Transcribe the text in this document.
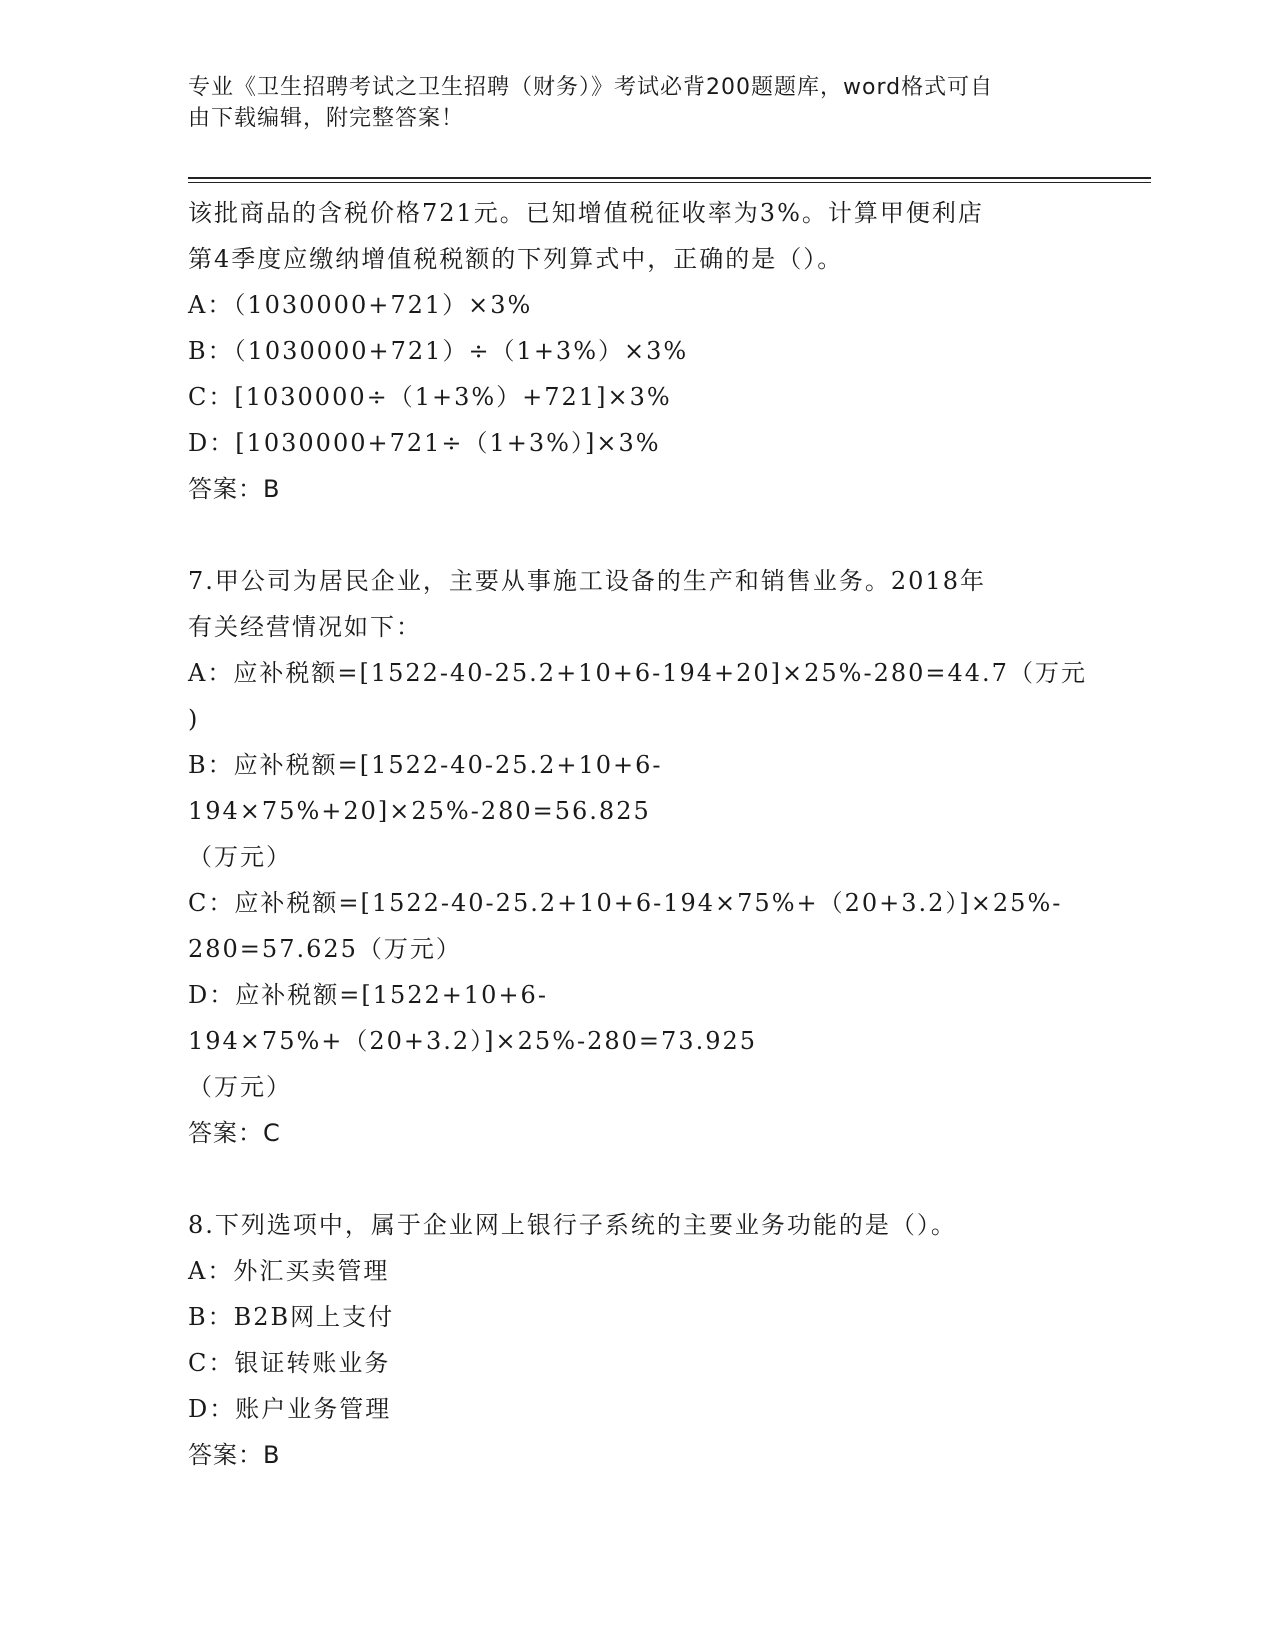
专业《卫生招聘考试之卫生招聘（财务）》考试必背200题题库，word格式可自
由下载编辑，附完整答案！

该批商品的含税价格721元。已知增值税征收率为3%。计算甲便利店

第4季度应缴纳增值税税额的下列算式中，正确的是（）。

A：（1030000+721）×3%

B：（1030000+721）÷（1+3%）×3%

C：[1030000÷（1+3%）+721]×3%

D：[1030000+721÷（1+3%）]×3%

答案：B

7.甲公司为居民企业，主要从事施工设备的生产和销售业务。2018年

有关经营情况如下：

A：应补税额=[1522-40-25.2+10+6-194+20]×25%-280=44.7（万元

)

B：应补税额=[1522-40-25.2+10+6-194×75%+20]×25%-280=56.825

（万元）

C：应补税额=[1522-40-25.2+10+6-194×75%+（20+3.2）]×25%-

280=57.625（万元）

D：应补税额=[1522+10+6-194×75%+（20+3.2）]×25%-280=73.925

（万元）

答案：C

8.下列选项中，属于企业网上银行子系统的主要业务功能的是（）。

A：外汇买卖管理

B：B2B网上支付

C：银证转账业务

D：账户业务管理

答案：B
